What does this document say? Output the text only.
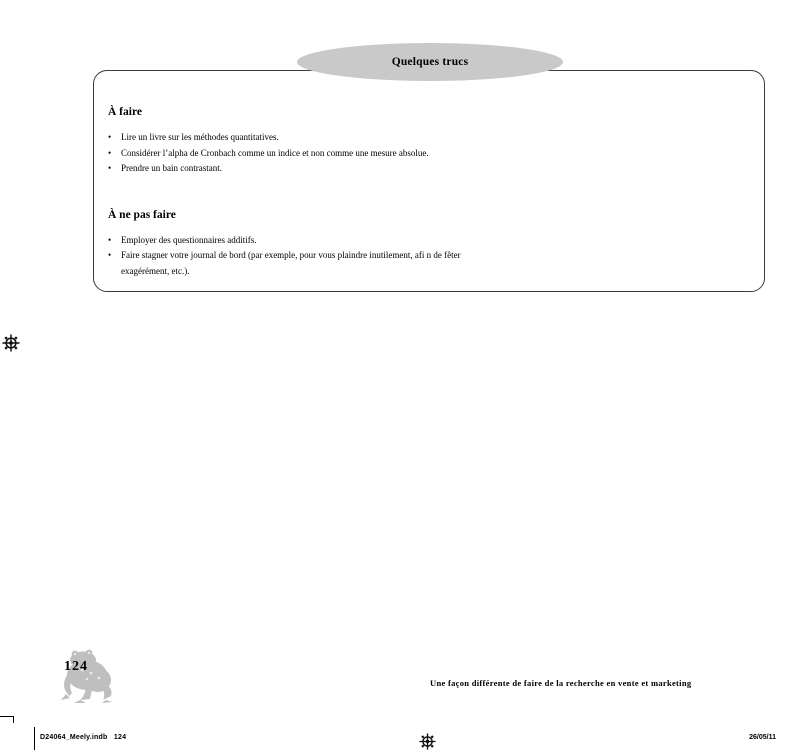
Quelques trucs
À faire
• Lire un livre sur les méthodes quantitatives.
• Considérer l’alpha de Cronbach comme un indice et non comme une mesure absolue.
• Prendre un bain contrastant.
À ne pas faire
• Employer des questionnaires additifs.
• Faire stagner votre journal de bord (par exemple, pour vous plaindre inutilement, afi n de fêter exagérément, etc.).
124
Une façon différente de faire de la recherche en vente et marketing
D24064_Meely.indb   124	26/05/11
